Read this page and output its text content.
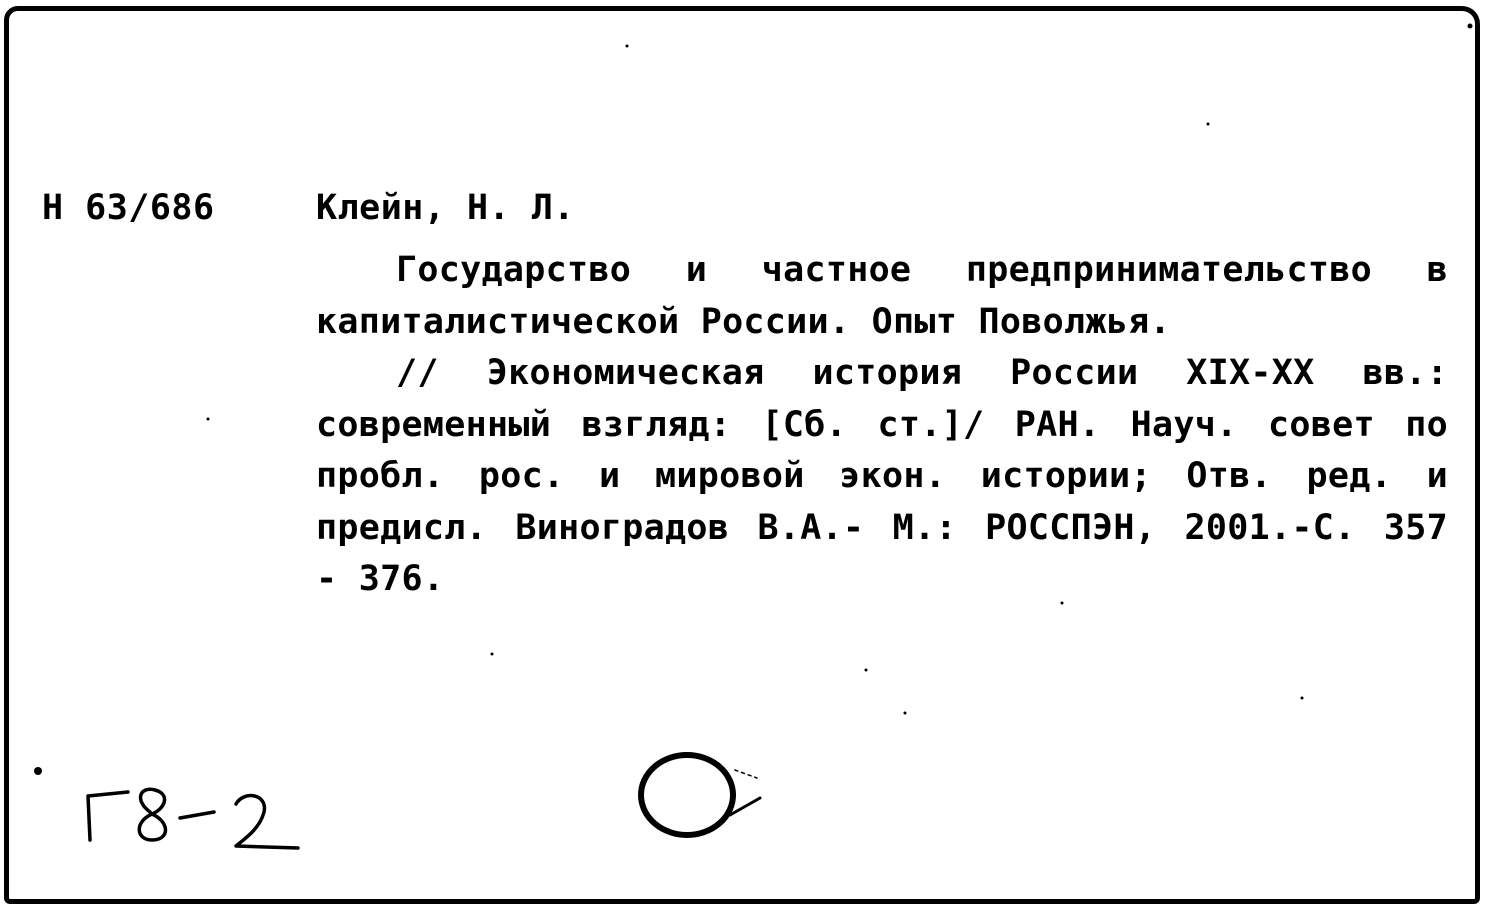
Н 63/686	Клейн, Н. Л.

Государство и частное предпринимательство в капиталистической России. Опыт Поволжья.

// Экономическая история России XIX-XX вв.: современный взгляд: [Сб. ст.]/ РАН. Науч. совет по пробл. рос. и мировой экон. истории; Отв. ред. и предисл. Виноградов В.А.- М.: РОССПЭН, 2001.-С. 357 - 376.
